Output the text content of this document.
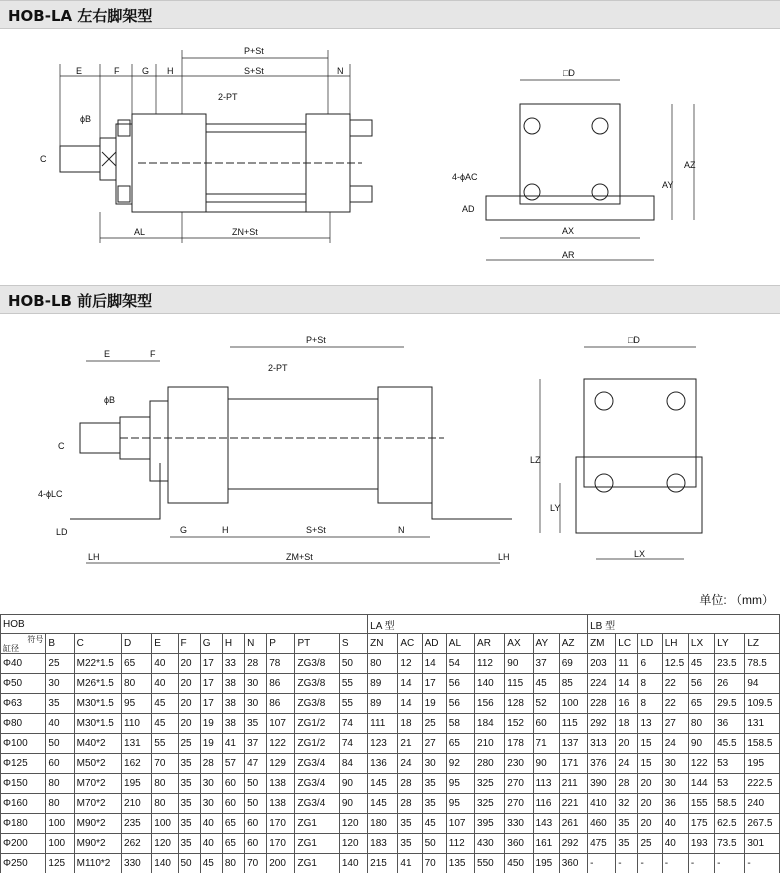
HOB-LA 左右脚架型
HOB-LB 前后脚架型
E	F	G H
P+St
S+St	N
2-PT
ϕB
C
AL	ZN+St
□D
4-ϕAC
AD
AY
AZ
AX
AR
E	F
P+St
2-PT
ϕB
C
4-ϕLC
LD	G	H	S+St	N
LH	ZM+St	LH
□D
LZ
LY
LX
单位: （mm）
HOB												LA 型								LB 型						

符号
缸径	B	C	D	E	F	G	H	N	P	PT	S	ZN	AC	AD	AL	AR	AX	AY	AZ	ZM	LC	LD	LH	LX	LY	LZ
Φ40	25	M22*1.5	65	40	20	17	33	28	78	ZG3/8	50	80	12	14	54	112	90	37	69	203	11	6	12.5	45	23.5	78.5
Φ50	30	M26*1.5	80	40	20	17	38	30	86	ZG3/8	55	89	14	17	56	140	115	45	85	224	14	8	22	56	26	94
Φ63	35	M30*1.5	95	45	20	17	38	30	86	ZG3/8	55	89	14	19	56	156	128	52	100	228	16	8	22	65	29.5	109.5
Φ80	40	M30*1.5	110	45	20	19	38	35	107	ZG1/2	74	111	18	25	58	184	152	60	115	292	18	13	27	80	36	131
Φ100	50	M40*2	131	55	25	19	41	37	122	ZG1/2	74	123	21	27	65	210	178	71	137	313	20	15	24	90	45.5	158.5
Φ125	60	M50*2	162	70	35	28	57	47	129	ZG3/4	84	136	24	30	92	280	230	90	171	376	24	15	30	122	53	195
Φ150	80	M70*2	195	80	35	30	60	50	138	ZG3/4	90	145	28	35	95	325	270	113	211	390	28	20	30	144	53	222.5
Φ160	80	M70*2	210	80	35	30	60	50	138	ZG3/4	90	145	28	35	95	325	270	116	221	410	32	20	36	155	58.5	240
Φ180	100	M90*2	235	100	35	40	65	60	170	ZG1	120	180	35	45	107	395	330	143	261	460	35	20	40	175	62.5	267.5
Φ200	100	M90*2	262	120	35	40	65	60	170	ZG1	120	183	35	50	112	430	360	161	292	475	35	25	40	193	73.5	301
Φ250	125	M110*2	330	140	50	45	80	70	200	ZG1	140	215	41	70	135	550	450	195	360	-	-	-	-	-	-	-
